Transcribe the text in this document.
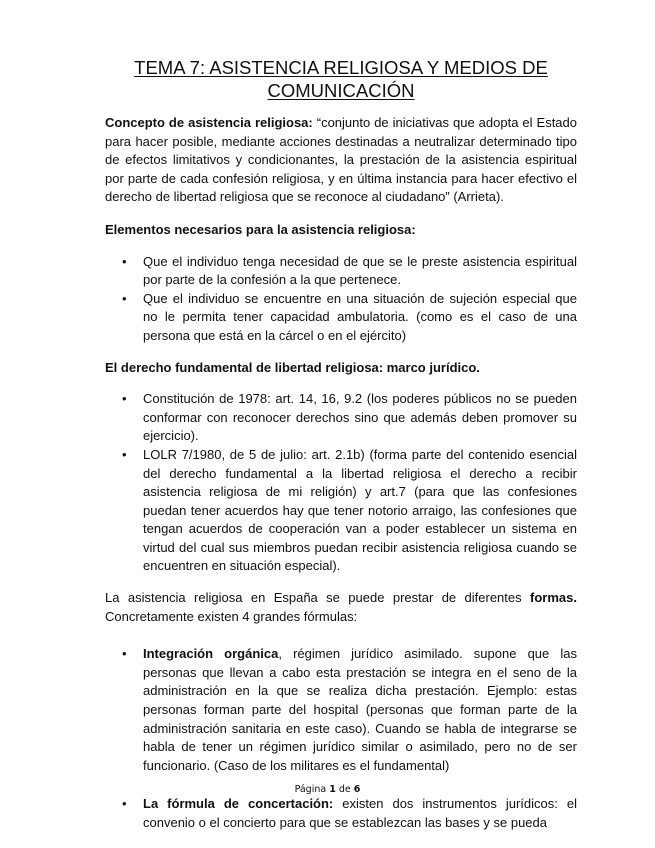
TEMA 7: ASISTENCIA RELIGIOSA Y MEDIOS DE
COMUNICACIÓN

Concepto de asistencia religiosa: “conjunto de iniciativas que adopta el Estado para hacer posible, mediante acciones destinadas a neutralizar determinado tipo de efectos limitativos y condicionantes, la prestación de la asistencia espiritual por parte de cada confesión religiosa, y en última instancia para hacer efectivo el derecho de libertad religiosa que se reconoce al ciudadano” (Arrieta).

Elementos necesarios para la asistencia religiosa:

• Que el individuo tenga necesidad de que se le preste asistencia espiritual por parte de la confesión a la que pertenece.
• Que el individuo se encuentre en una situación de sujeción especial que no le permita tener capacidad ambulatoria. (como es el caso de una persona que está en la cárcel o en el ejército)

El derecho fundamental de libertad religiosa: marco jurídico.

• Constitución de 1978: art. 14, 16, 9.2 (los poderes públicos no se pueden conformar con reconocer derechos sino que además deben promover su ejercicio).
• LOLR 7/1980, de 5 de julio: art. 2.1b) (forma parte del contenido esencial del derecho fundamental a la libertad religiosa el derecho a recibir asistencia religiosa de mi religión) y art.7 (para que las confesiones puedan tener acuerdos hay que tener notorio arraigo, las confesiones que tengan acuerdos de cooperación van a poder establecer un sistema en virtud del cual sus miembros puedan recibir asistencia religiosa cuando se encuentren en situación especial).

La asistencia religiosa en España se puede prestar de diferentes formas. Concretamente existen 4 grandes fórmulas:

• Integración orgánica, régimen jurídico asimilado. supone que las personas que llevan a cabo esta prestación se integra en el seno de la administración en la que se realiza dicha prestación. Ejemplo: estas personas forman parte del hospital (personas que forman parte de la administración sanitaria en este caso). Cuando se habla de integrarse se habla de tener un régimen jurídico similar o asimilado, pero no de ser funcionario. (Caso de los militares es el fundamental)
• La fórmula de concertación: existen dos instrumentos jurídicos: el convenio o el concierto para que se establezcan las bases y se pueda
Página 1 de 6
